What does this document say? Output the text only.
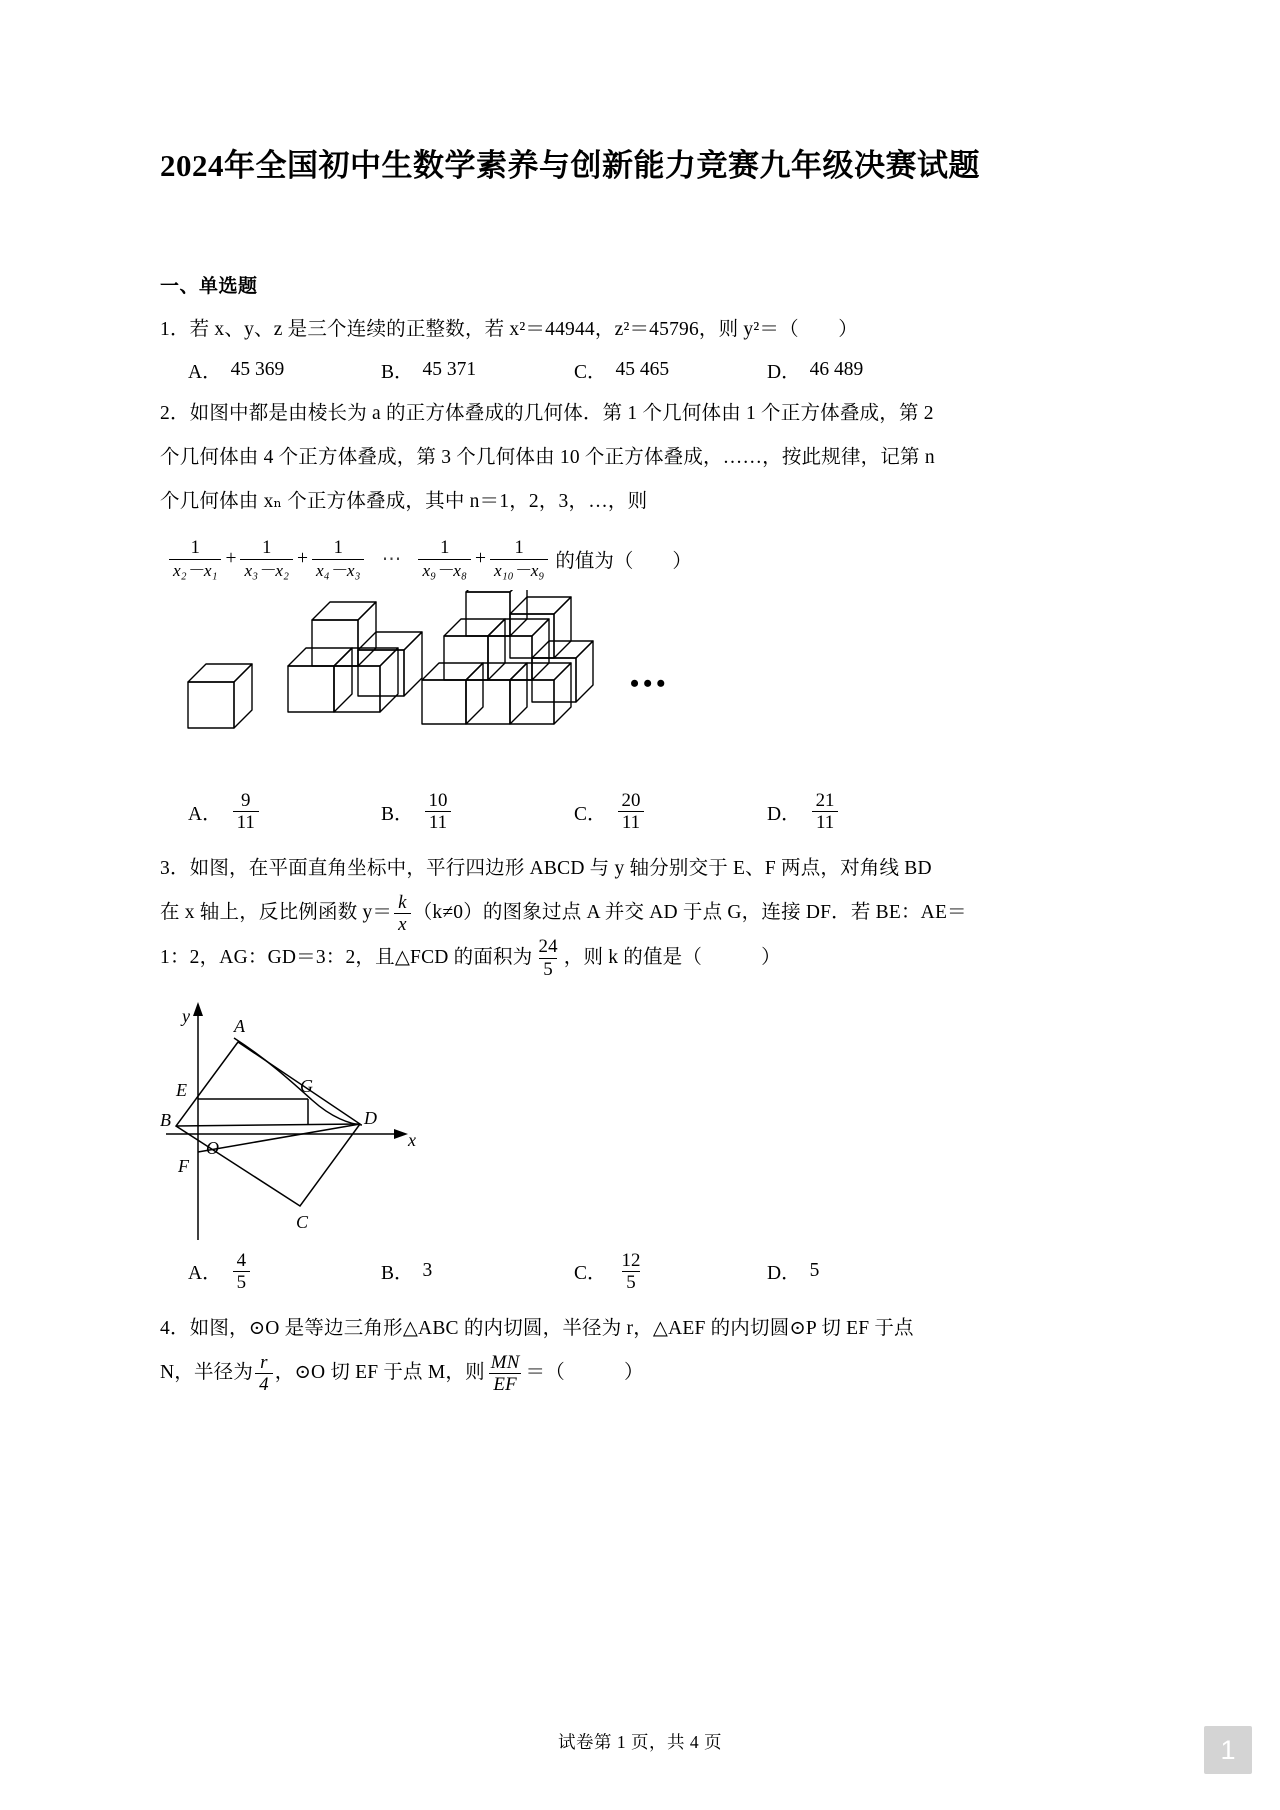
2024年全国初中生数学素养与创新能力竞赛九年级决赛试题
一、单选题
1．若 x、y、z 是三个连续的正整数，若 x²＝44944，z²＝45796，则 y²＝（　　）
A． 45 369	B． 45 371	C． 45 465	D． 46 489
2．如图中都是由棱长为 a 的正方体叠成的几何体．第 1 个几何体由 1 个正方体叠成，第 2
个几何体由 4 个正方体叠成，第 3 个几何体由 10 个正方体叠成，……，按此规律，记第 n
个几何体由 xₙ 个正方体叠成，其中 n＝1，2，3，…，则
$\frac{1}{\text{x₂－x₁}} + \frac{1}{\text{x₃－x₂}} + \frac{1}{\text{x₄－x₃}}$ ⋯ $\frac{1}{\text{x₉－x₈}} + \frac{1}{\text{x₁₀－x₉}}$ 的值为（　　）
•••
A． $\frac{9}{11}$	B． $\frac{10}{11}$	C． $\frac{20}{11}$	D． $\frac{21}{11}$
3．如图，在平面直角坐标中，平行四边形 ABCD 与 y 轴分别交于 E、F 两点，对角线 BD
在 x 轴上，反比例函数 $y= \frac{k}{x} (k\ne 0)$的图象过点 A 并交 AD 于点 G，连接 DF．若 BE：AE＝
1：2，AG：GD＝3：2，且△FCD 的面积为 $\frac{24}{5}$ ，则 k 的值是（　　　）
y A
E	G
B	D
O	x
F
C
A． $\frac{4}{5}$	B． 3	C． $\frac{12}{5}$	D． 5
4．如图，⊙O 是等边三角形△ABC 的内切圆，半径为 r，△AEF 的内切圆⊙P 切 EF 于点
N，半径为 $\frac{r}{4}$ ，⊙O 切 EF 于点 M，则 $\frac{MN}{EF}$ ＝（　　　）
试卷第 1 页，共 4 页	1
